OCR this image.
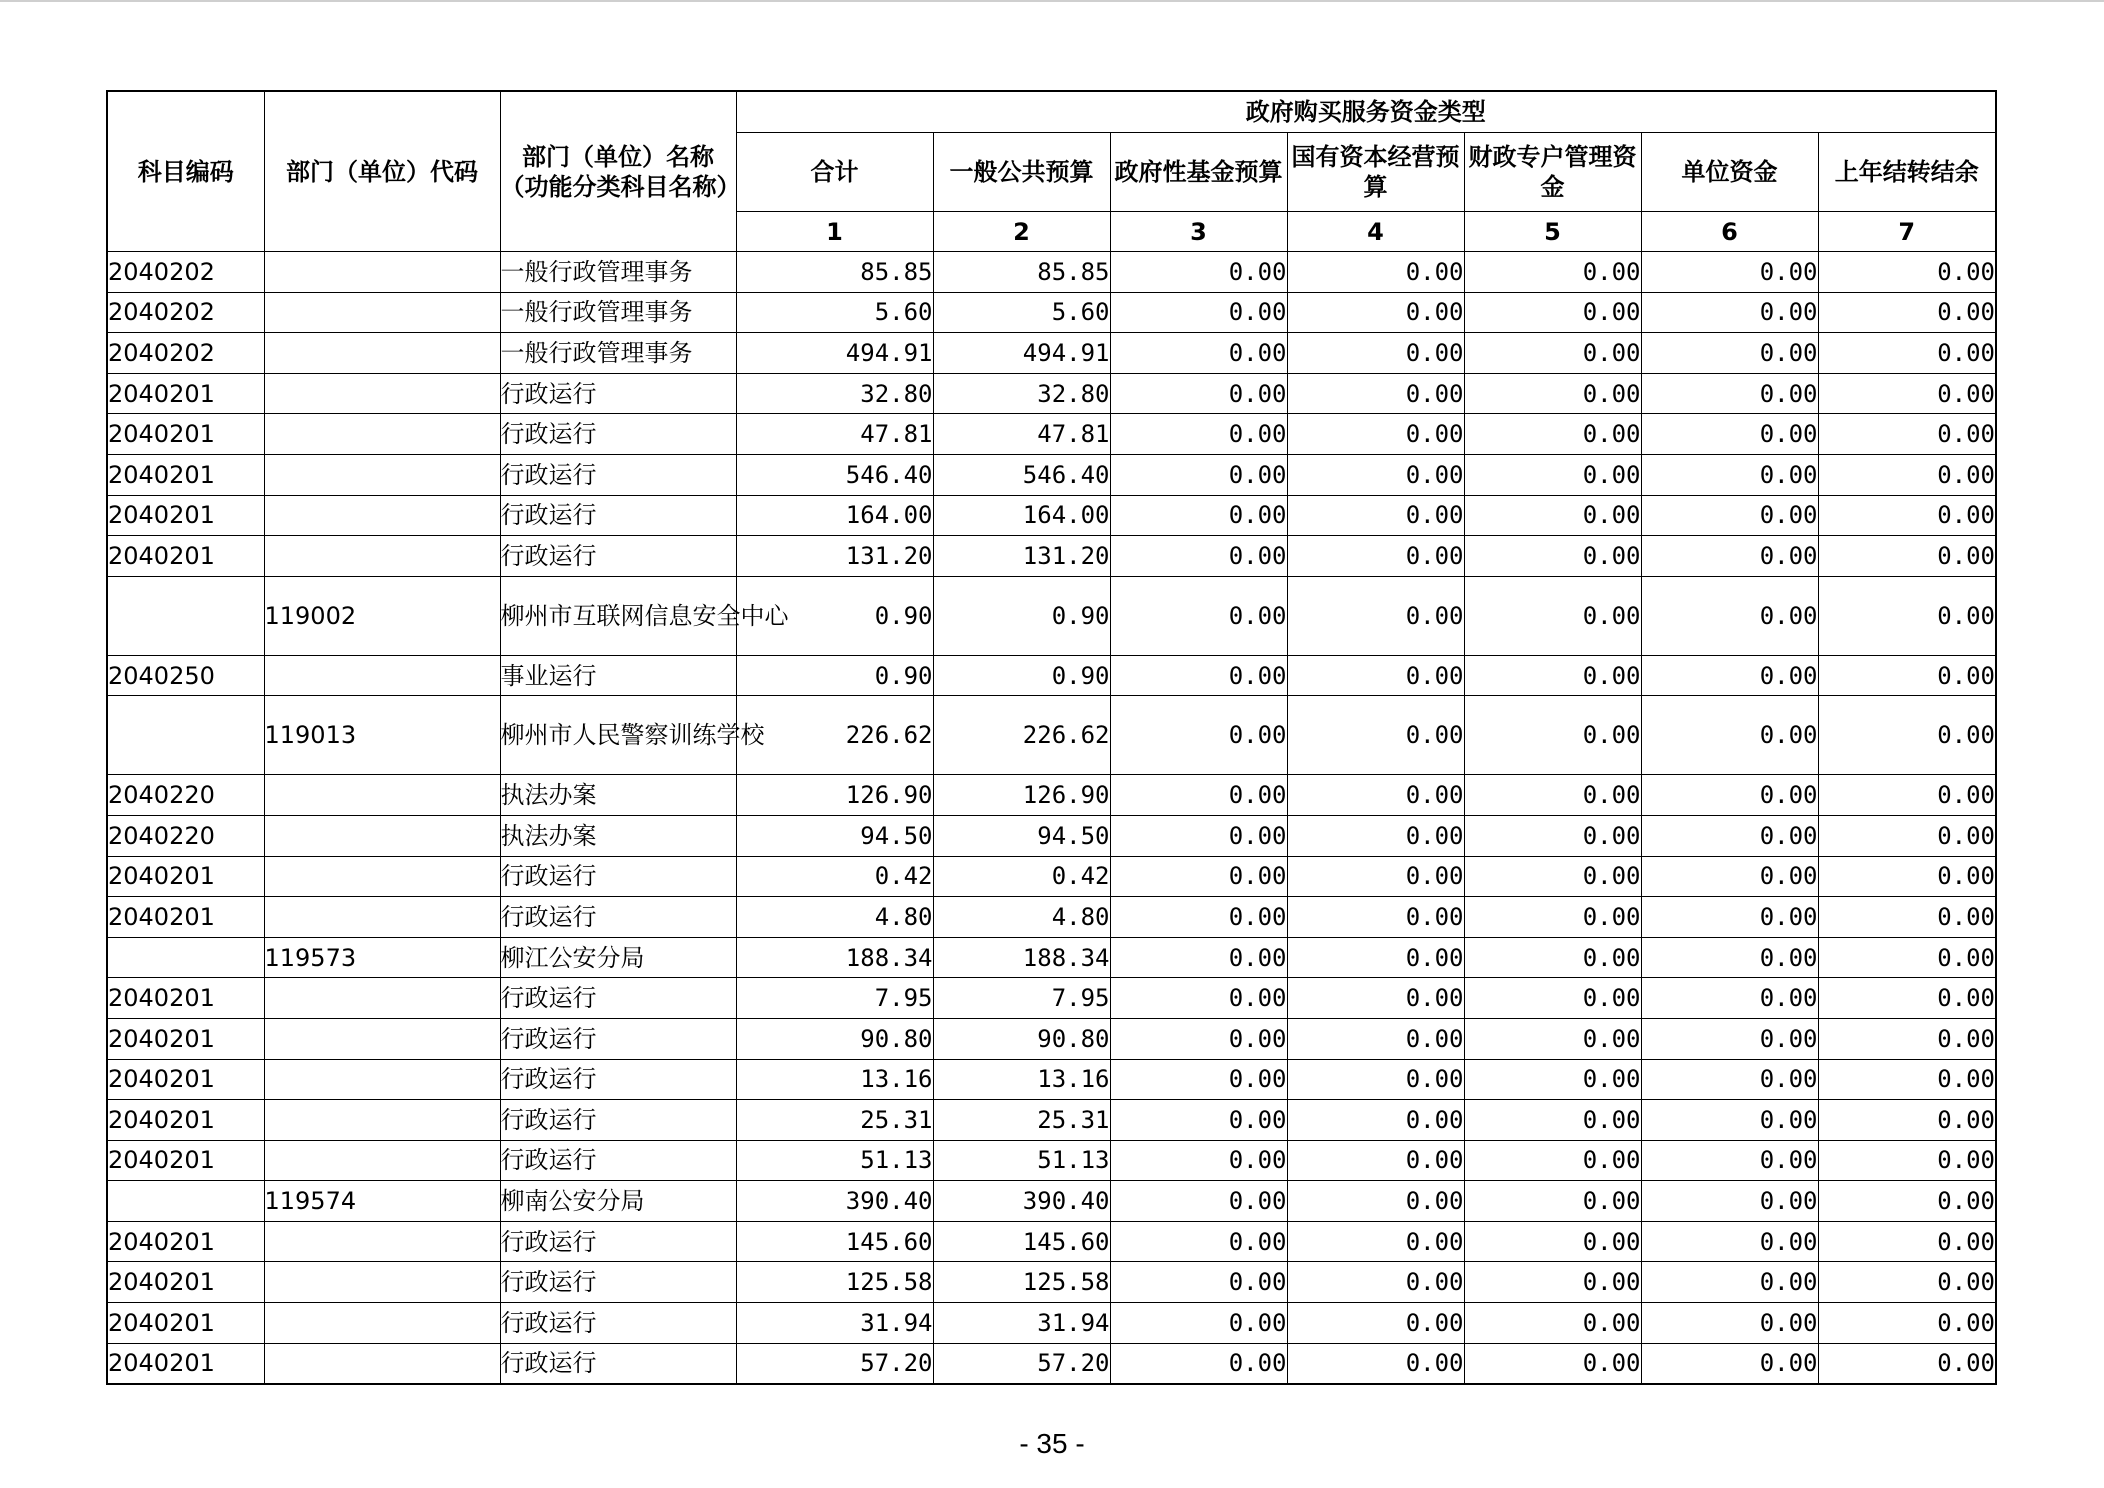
科目编码	部门（单位）代码	部门（单位）名称
（功能分类科目名称）	政府购买服务资金类型						
			合计	一般公共预算	政府性基金预算	国有资本经营预算	财政专户管理资金	单位资金	上年结转结余
			1	2	3	4	5	6	7
2040202		一般行政管理事务	85.85	85.85	0.00	0.00	0.00	0.00	0.00
2040202		一般行政管理事务	5.60	5.60	0.00	0.00	0.00	0.00	0.00
2040202		一般行政管理事务	494.91	494.91	0.00	0.00	0.00	0.00	0.00
2040201		行政运行	32.80	32.80	0.00	0.00	0.00	0.00	0.00
2040201		行政运行	47.81	47.81	0.00	0.00	0.00	0.00	0.00
2040201		行政运行	546.40	546.40	0.00	0.00	0.00	0.00	0.00
2040201		行政运行	164.00	164.00	0.00	0.00	0.00	0.00	0.00
2040201		行政运行	131.20	131.20	0.00	0.00	0.00	0.00	0.00
	119002	柳州市互联网信息安全中心	0.90	0.90	0.00	0.00	0.00	0.00	0.00
2040250		事业运行	0.90	0.90	0.00	0.00	0.00	0.00	0.00
	119013	柳州市人民警察训练学校	226.62	226.62	0.00	0.00	0.00	0.00	0.00
2040220		执法办案	126.90	126.90	0.00	0.00	0.00	0.00	0.00
2040220		执法办案	94.50	94.50	0.00	0.00	0.00	0.00	0.00
2040201		行政运行	0.42	0.42	0.00	0.00	0.00	0.00	0.00
2040201		行政运行	4.80	4.80	0.00	0.00	0.00	0.00	0.00
	119573	柳江公安分局	188.34	188.34	0.00	0.00	0.00	0.00	0.00
2040201		行政运行	7.95	7.95	0.00	0.00	0.00	0.00	0.00
2040201		行政运行	90.80	90.80	0.00	0.00	0.00	0.00	0.00
2040201		行政运行	13.16	13.16	0.00	0.00	0.00	0.00	0.00
2040201		行政运行	25.31	25.31	0.00	0.00	0.00	0.00	0.00
2040201		行政运行	51.13	51.13	0.00	0.00	0.00	0.00	0.00
	119574	柳南公安分局	390.40	390.40	0.00	0.00	0.00	0.00	0.00
2040201		行政运行	145.60	145.60	0.00	0.00	0.00	0.00	0.00
2040201		行政运行	125.58	125.58	0.00	0.00	0.00	0.00	0.00
2040201		行政运行	31.94	31.94	0.00	0.00	0.00	0.00	0.00
2040201		行政运行	57.20	57.20	0.00	0.00	0.00	0.00	0.00
- 35 -
